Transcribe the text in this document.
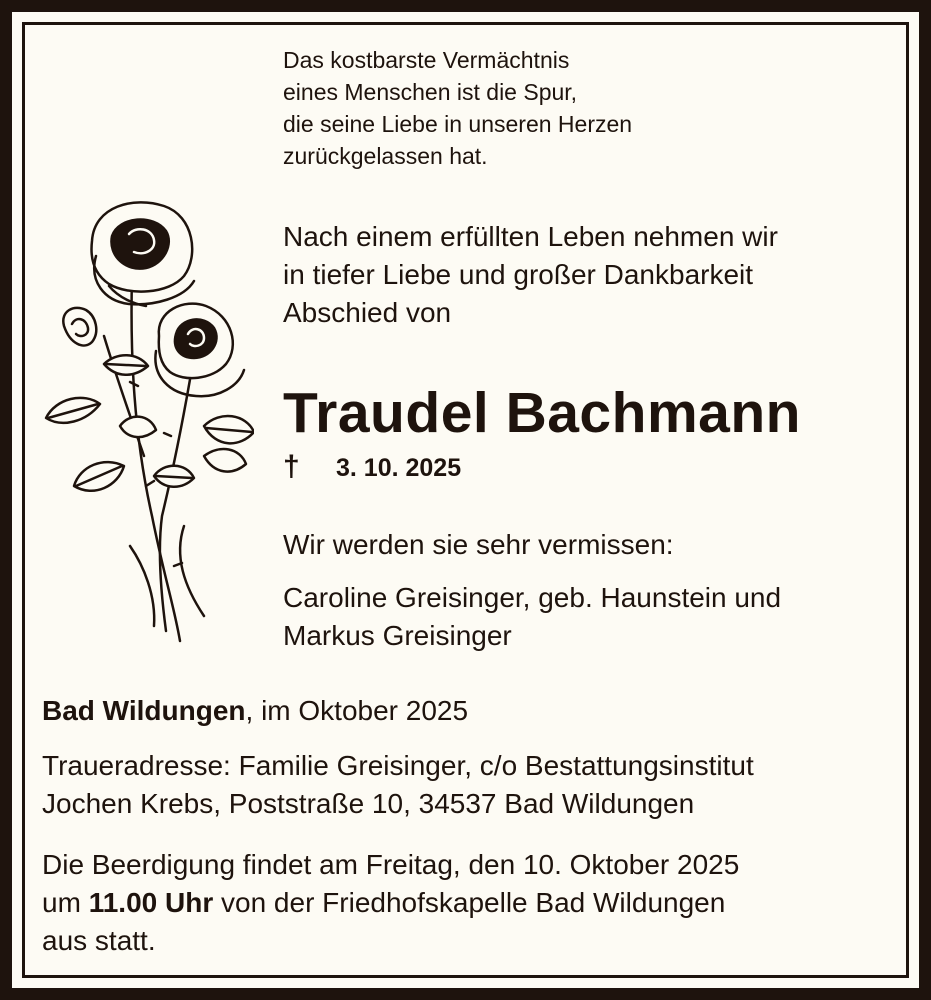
Das kostbarste Vermächtnis
eines Menschen ist die Spur,
die seine Liebe in unseren Herzen
zurückgelassen hat.
Nach einem erfüllten Leben nehmen wir
in tiefer Liebe und großer Dankbarkeit
Abschied von
Traudel Bachmann
† 3. 10. 2025
Wir werden sie sehr vermissen:
Caroline Greisinger, geb. Haunstein und
Markus Greisinger
Bad Wildungen, im Oktober 2025
Traueradresse: Familie Greisinger, c/o Bestattungsinstitut
Jochen Krebs, Poststraße 10, 34537 Bad Wildungen
Die Beerdigung findet am Freitag, den 10. Oktober 2025
um 11.00 Uhr von der Friedhofskapelle Bad Wildungen
aus statt.
